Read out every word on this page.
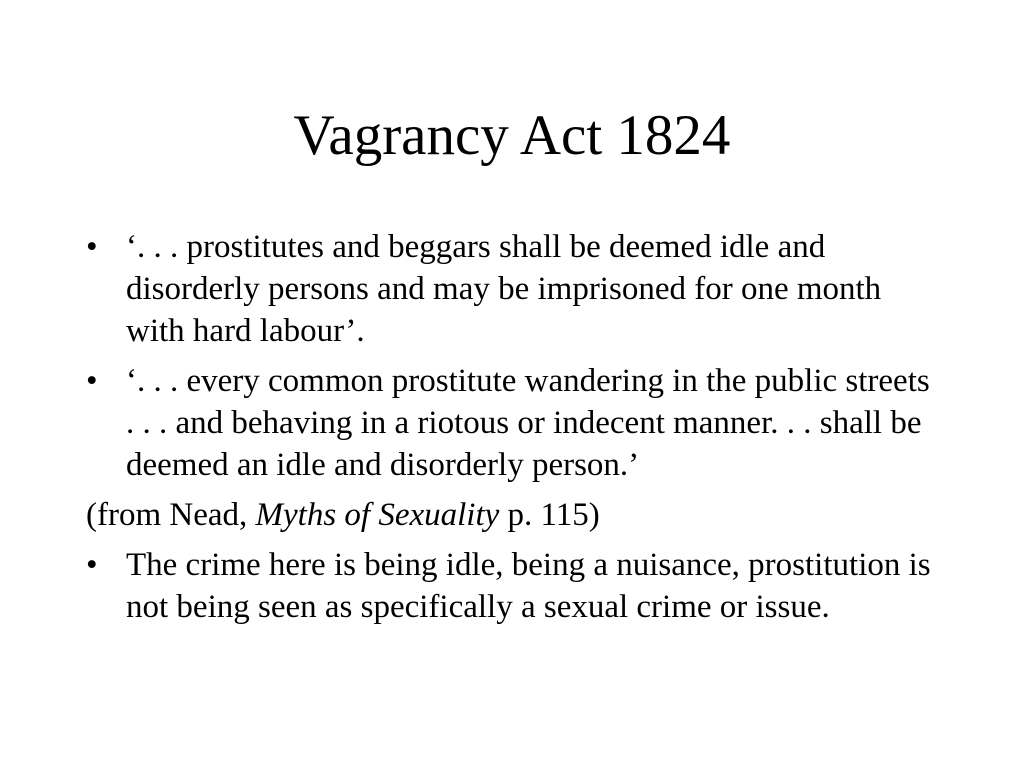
Vagrancy Act 1824
• ‘. . . prostitutes and beggars shall be deemed idle and disorderly persons and may be imprisoned for one month with hard labour’.
• ‘. . . every common prostitute wandering in the public streets . . . and behaving in a riotous or indecent manner. . . shall be deemed an idle and disorderly person.’
(from Nead, Myths of Sexuality p. 115)
• The crime here is being idle, being a nuisance, prostitution is not being seen as specifically a sexual crime or issue.
